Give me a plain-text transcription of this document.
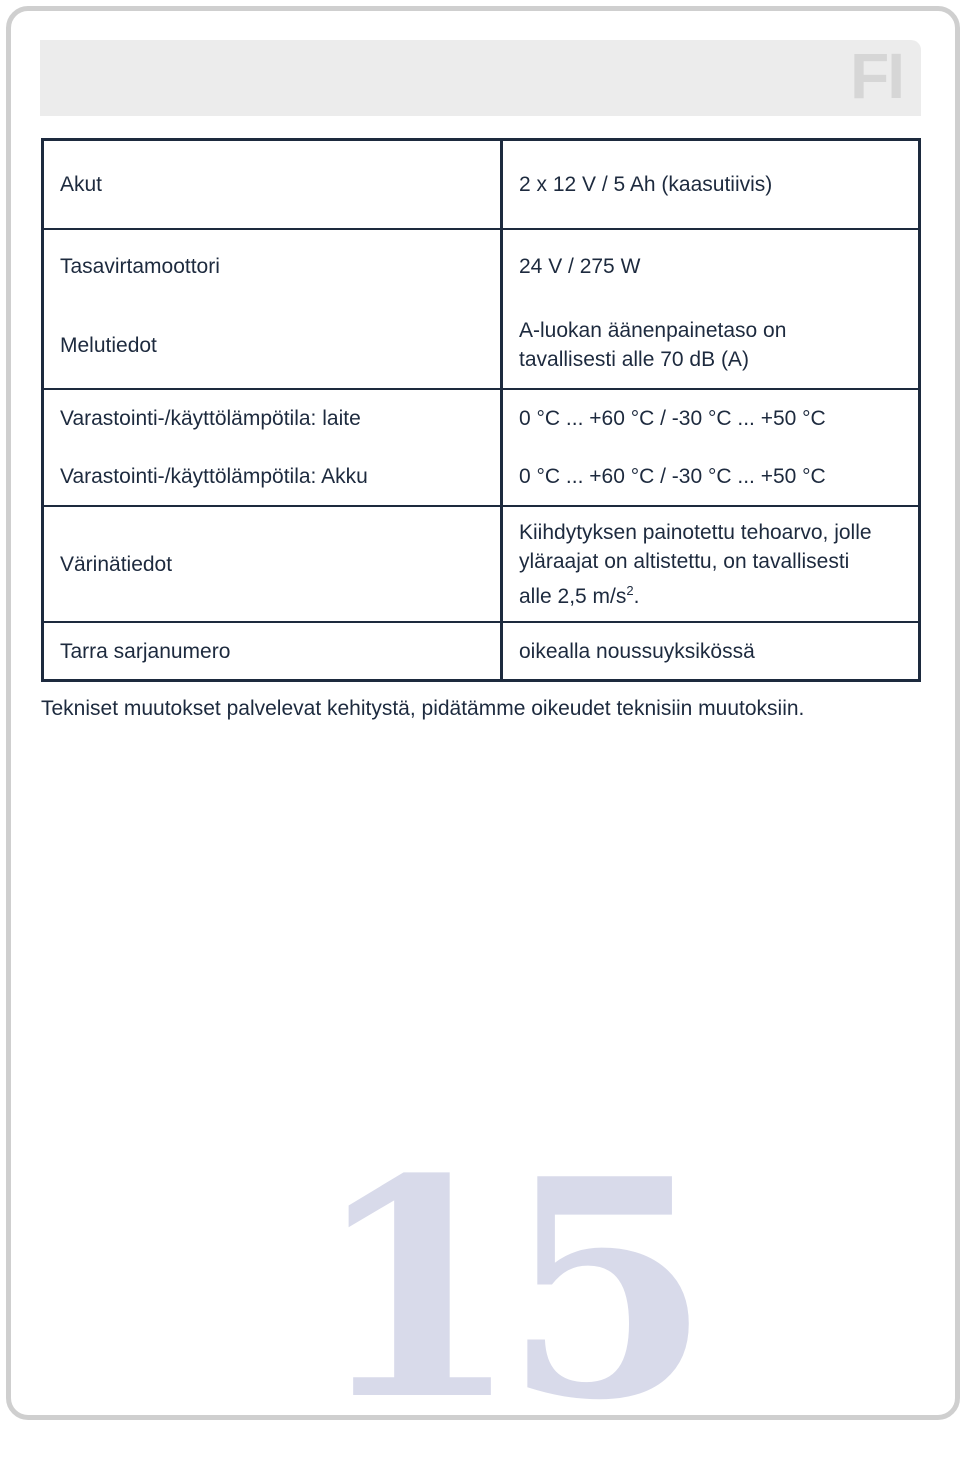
FI
Akut	2 x 12 V / 5 Ah (kaasutiivis)
Tasavirtamoottori	24 V / 275 W
Melutiedot	A-luokan äänenpainetaso on
tavallisesti alle 70 dB (A)
Varastointi-/käyttölämpötila: laite	0 °C ... +60 °C / -30 °C ... +50 °C
Varastointi-/käyttölämpötila: Akku	0 °C ... +60 °C / -30 °C ... +50 °C
Värinätiedot	Kiihdytyksen painotettu tehoarvo, jolle
yläraajat on altistettu, on tavallisesti
alle 2,5 $m/s^2$.
Tarra sarjanumero	oikealla noussuyksikössä
Tekniset muutokset palvelevat kehitystä, pidätämme oikeudet teknisiin muutoksiin.
15
